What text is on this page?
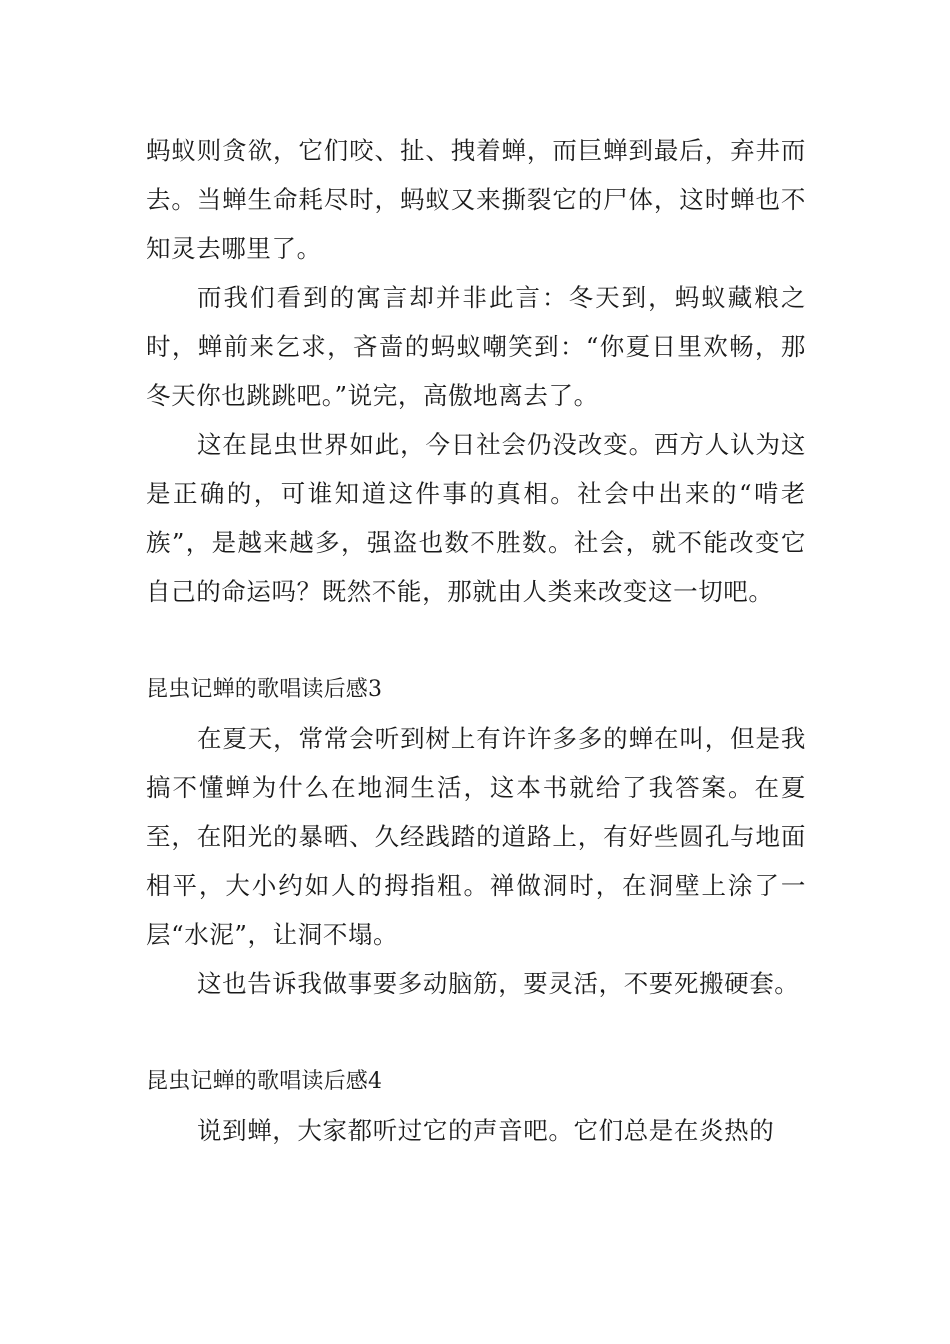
蚂蚁则贪欲，它们咬、扯、拽着蝉，而巨蝉到最后，弃井而去。当蝉生命耗尽时，蚂蚁又来撕裂它的尸体，这时蝉也不知灵去哪里了。

而我们看到的寓言却并非此言：冬天到，蚂蚁藏粮之时，蝉前来乞求，吝啬的蚂蚁嘲笑到：“你夏日里欢畅，那冬天你也跳跳吧。”说完，高傲地离去了。

这在昆虫世界如此，今日社会仍没改变。西方人认为这是正确的，可谁知道这件事的真相。社会中出来的“啃老族”，是越来越多，强盗也数不胜数。社会，就不能改变它自己的命运吗？既然不能，那就由人类来改变这一切吧。

昆虫记蝉的歌唱读后感3

在夏天，常常会听到树上有许许多多的蝉在叫，但是我搞不懂蝉为什么在地洞生活，这本书就给了我答案。在夏至，在阳光的暴晒、久经践踏的道路上，有好些圆孔与地面相平，大小约如人的拇指粗。禅做洞时，在洞壁上涂了一层“水泥”，让洞不塌。

这也告诉我做事要多动脑筋，要灵活，不要死搬硬套。

昆虫记蝉的歌唱读后感4

说到蝉，大家都听过它的声音吧。它们总是在炎热的
